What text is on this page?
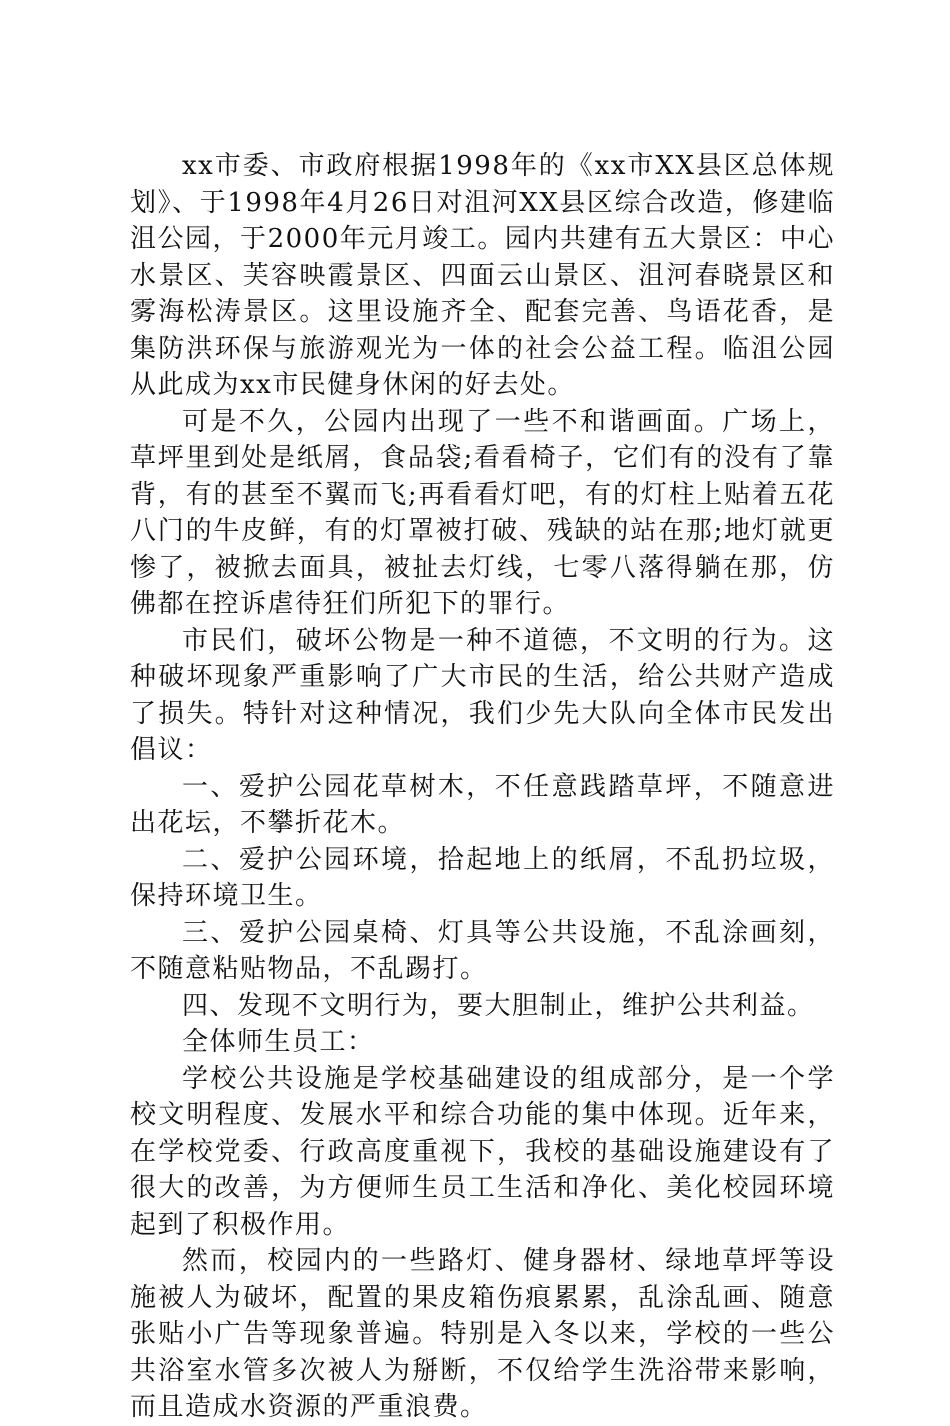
xx市委、市政府根据1998年的《xx市XX县区总体规划》、于1998年4月26日对沮河XX县区综合改造，修建临沮公园，于2000年元月竣工。园内共建有五大景区：中心水景区、芙容映霞景区、四面云山景区、沮河春晓景区和雾海松涛景区。这里设施齐全、配套完善、鸟语花香，是集防洪环保与旅游观光为一体的社会公益工程。临沮公园从此成为xx市民健身休闲的好去处。

可是不久，公园内出现了一些不和谐画面。广场上，草坪里到处是纸屑，食品袋;看看椅子，它们有的没有了靠背，有的甚至不翼而飞;再看看灯吧，有的灯柱上贴着五花八门的牛皮鲜，有的灯罩被打破、残缺的站在那;地灯就更惨了，被掀去面具，被扯去灯线，七零八落得躺在那，仿佛都在控诉虐待狂们所犯下的罪行。

市民们，破坏公物是一种不道德，不文明的行为。这种破坏现象严重影响了广大市民的生活，给公共财产造成了损失。特针对这种情况，我们少先大队向全体市民发出倡议：

一、爱护公园花草树木，不任意践踏草坪，不随意进出花坛，不攀折花木。

二、爱护公园环境，拾起地上的纸屑，不乱扔垃圾，保持环境卫生。

三、爱护公园桌椅、灯具等公共设施，不乱涂画刻，不随意粘贴物品，不乱踢打。

四、发现不文明行为，要大胆制止，维护公共利益。

全体师生员工：

学校公共设施是学校基础建设的组成部分，是一个学校文明程度、发展水平和综合功能的集中体现。近年来，在学校党委、行政高度重视下，我校的基础设施建设有了很大的改善，为方便师生员工生活和净化、美化校园环境起到了积极作用。

然而，校园内的一些路灯、健身器材、绿地草坪等设施被人为破坏，配置的果皮箱伤痕累累，乱涂乱画、随意张贴小广告等现象普遍。特别是入冬以来，学校的一些公共浴室水管多次被人为掰断，不仅给学生洗浴带来影响，而且造成水资源的严重浪费。
